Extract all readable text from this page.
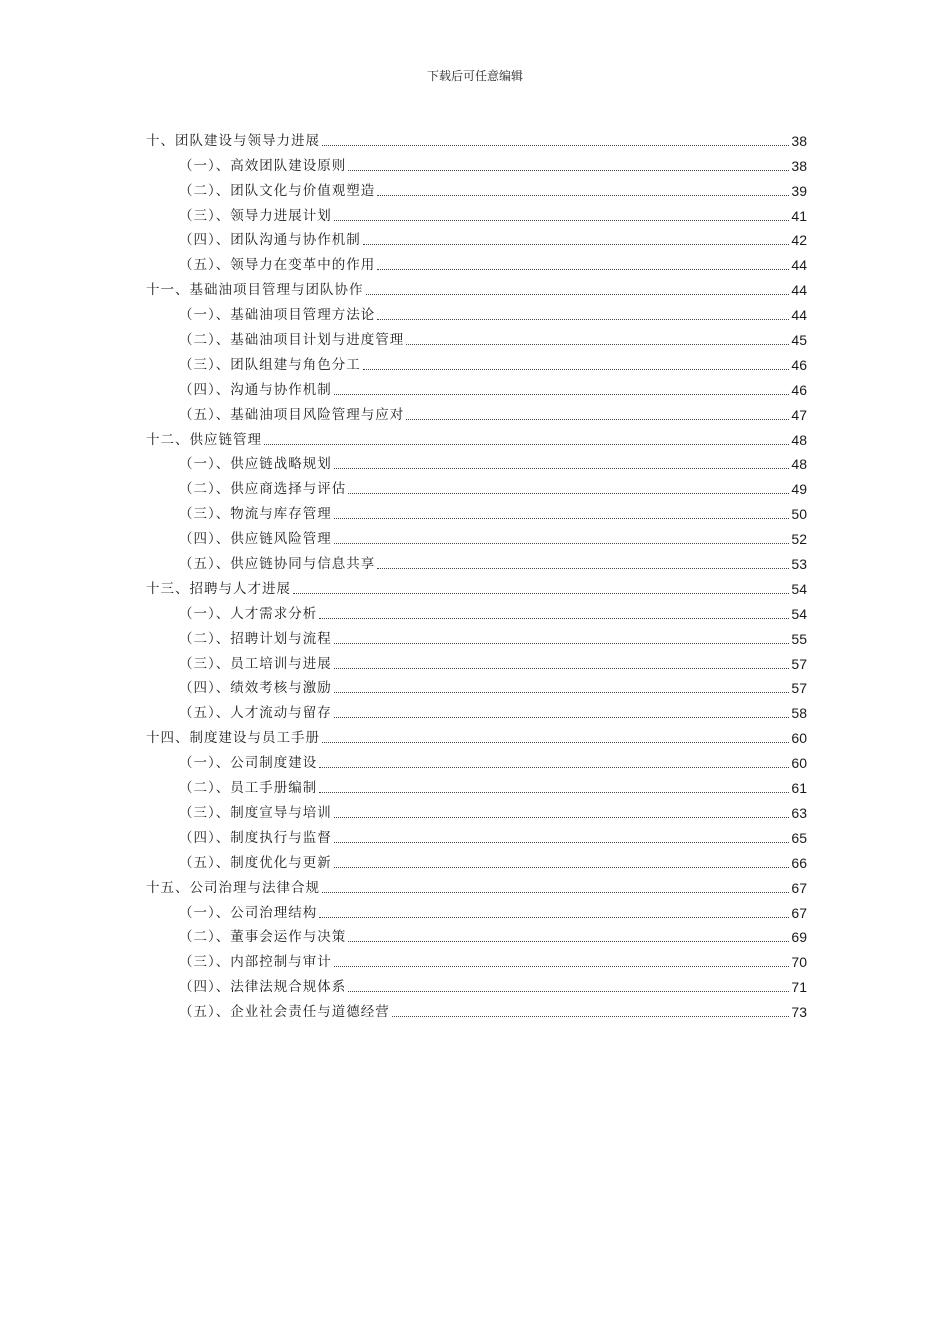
下载后可任意编辑
十、团队建设与领导力进展	38
（一）、高效团队建设原则	38
（二）、团队文化与价值观塑造	39
（三）、领导力进展计划	41
（四）、团队沟通与协作机制	42
（五）、领导力在变革中的作用	44
十一、基础油项目管理与团队协作	44
（一）、基础油项目管理方法论	44
（二）、基础油项目计划与进度管理	45
（三）、团队组建与角色分工	46
（四）、沟通与协作机制	46
（五）、基础油项目风险管理与应对	47
十二、供应链管理	48
（一）、供应链战略规划	48
（二）、供应商选择与评估	49
（三）、物流与库存管理	50
（四）、供应链风险管理	52
（五）、供应链协同与信息共享	53
十三、招聘与人才进展	54
（一）、人才需求分析	54
（二）、招聘计划与流程	55
（三）、员工培训与进展	57
（四）、绩效考核与激励	57
（五）、人才流动与留存	58
十四、制度建设与员工手册	60
（一）、公司制度建设	60
（二）、员工手册编制	61
（三）、制度宣导与培训	63
（四）、制度执行与监督	65
（五）、制度优化与更新	66
十五、公司治理与法律合规	67
（一）、公司治理结构	67
（二）、董事会运作与决策	69
（三）、内部控制与审计	70
（四）、法律法规合规体系	71
（五）、企业社会责任与道德经营	73
